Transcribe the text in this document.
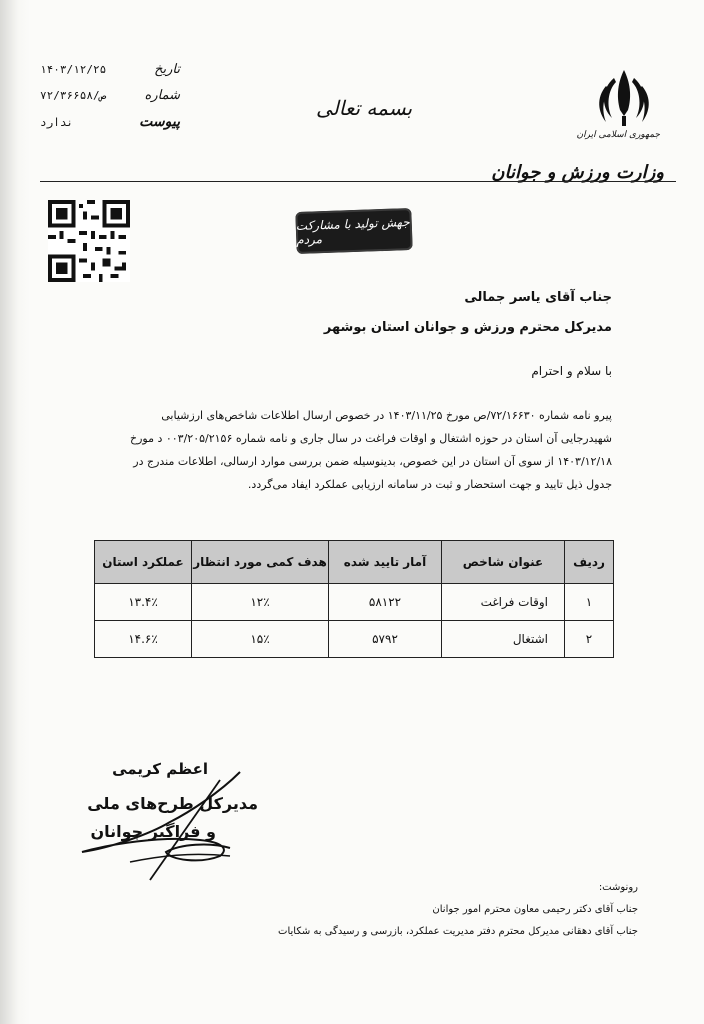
جمهوری اسلامی ایران
وزارت ورزش و جوانان
بسمه تعالی
۱۴۰۳/۱۲/۲۵	تاریخ
۷۲/۳۶۶۵۸/ص	شماره
ندارد	پیوست
جهش تولید با مشارکت مردم
جناب آقای یاسر جمالی
مدیرکل محترم ورزش و جوانان استان بوشهر
با سلام و احترام

پیرو نامه شماره ۷۲/۱۶۶۳۰/ص مورخ ۱۴۰۳/۱۱/۲۵ در خصوص ارسال اطلاعات شاخص‌های ارزشیابی

شهیدرجایی آن استان در حوزه اشتغال و اوقات فراغت در سال جاری و نامه شماره ۰۰۳/۲۰۵/۲۱۵۶ د مورخ

۱۴۰۳/۱۲/۱۸ از سوی آن استان در این خصوص، بدینوسیله ضمن بررسی موارد ارسالی، اطلاعات مندرج در

جدول ذیل تایید و جهت استحضار و ثبت در سامانه ارزیابی عملکرد ایفاد می‌گردد.

ردیف	عنوان شاخص	آمار تایید شده	هدف کمی مورد انتظار	عملکرد استان
۱	اوقات فراغت	۵۸۱۲۲	۱۲٪	۱۳.۴٪
۲	اشتغال	۵۷۹۲	۱۵٪	۱۴.۶٪
اعظم کریمی
مدیرکل طرح‌های ملی
و فراگیر جوانان
رونوشت:
جناب آقای دکتر رحیمی معاون محترم امور جوانان
جناب آقای دهقانی مدیرکل محترم دفتر مدیریت عملکرد، بازرسی و رسیدگی به شکایات
